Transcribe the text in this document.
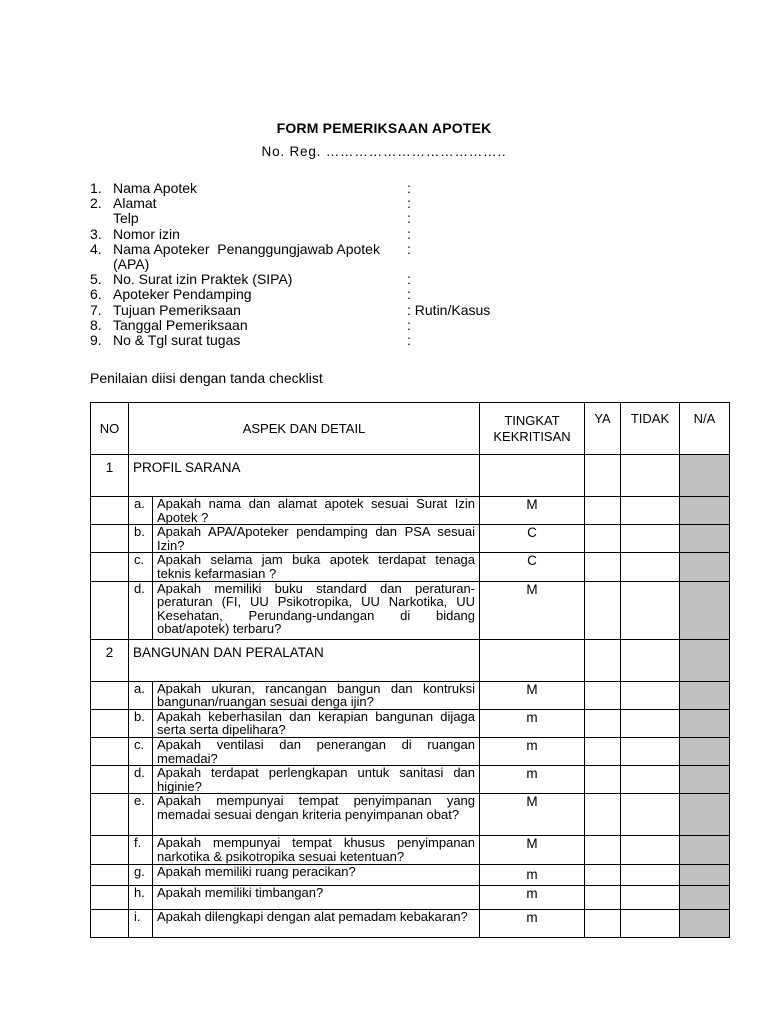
FORM PEMERIKSAAN APOTEK
No. Reg. ………………………………..
1. Nama Apotek	:
2. Alamat	:
Telp	:
3. Nomor izin	:
4. Nama Apoteker  Penanggungjawab Apotek	:
(APA)
5. No. Surat izin Praktek (SIPA)	:
6. Apoteker Pendamping	:
7. Tujuan Pemeriksaan	: Rutin/Kasus
8. Tanggal Pemeriksaan	:
9. No & Tgl surat tugas	:
Penilaian diisi dengan tanda checklist
NO	ASPEK DAN DETAIL		TINGKAT KEKRITISAN	YA	TIDAK	N/A
1	PROFIL SARANA					
	a.	Apakah nama dan alamat apotek sesuai Surat Izin Apotek ?	M			
	b.	Apakah APA/Apoteker pendamping dan PSA sesuai Izin?	C			
	c.	Apakah selama jam buka apotek terdapat tenaga teknis kefarmasian ?	C			
	d.	Apakah memiliki buku standard dan peraturan-peraturan (FI, UU Psikotropika, UU Narkotika, UU Kesehatan, Perundang-undangan di bidang obat/apotek) terbaru?	M			
2	BANGUNAN DAN PERALATAN					
	a.	Apakah ukuran, rancangan bangun dan kontruksi bangunan/ruangan sesuai denga ijin?	M			
	b.	Apakah keberhasilan dan kerapian bangunan dijaga serta serta dipelihara?	m			
	c.	Apakah ventilasi dan penerangan di ruangan memadai?	m			
	d.	Apakah terdapat perlengkapan untuk sanitasi dan higinie?	m			
	e.	Apakah mempunyai tempat penyimpanan yang memadai sesuai dengan kriteria penyimpanan obat?	M			
	f.	Apakah mempunyai tempat khusus penyimpanan narkotika & psikotropika sesuai ketentuan?	M			
	g.	Apakah memiliki ruang peracikan?	m			
	h.	Apakah memiliki timbangan?	m			
	i.	Apakah dilengkapi dengan alat pemadam kebakaran?	m			
